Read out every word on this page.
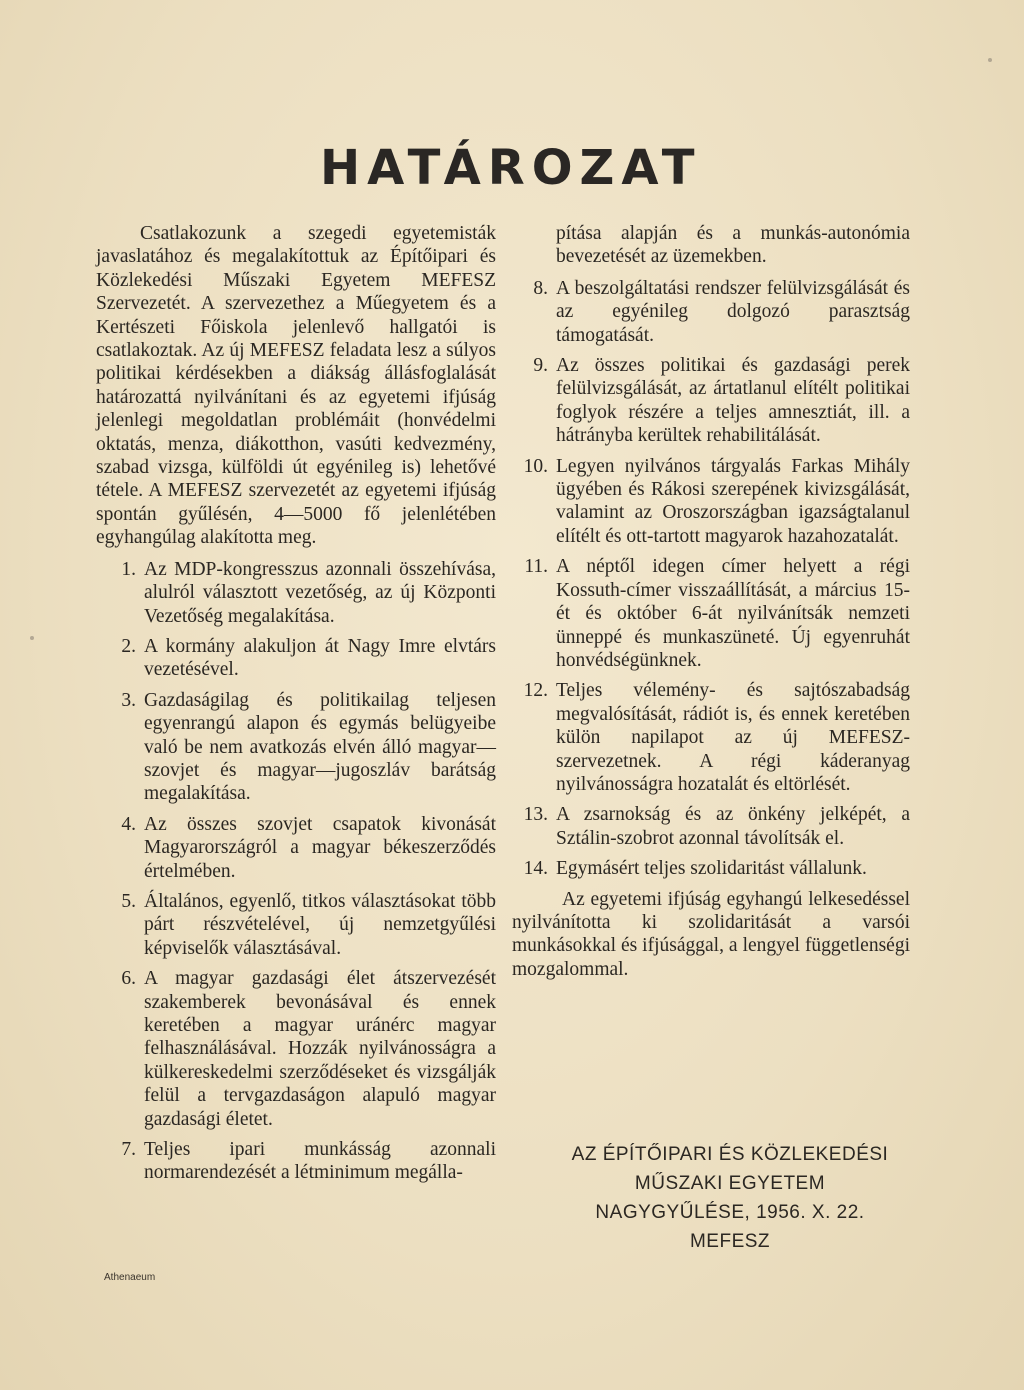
HATÁROZAT

Csatlakozunk a szegedi egyetemisták javaslatához és megalakítottuk az Építőipari és Közlekedési Műszaki Egyetem MEFESZ Szervezetét. A szervezethez a Műegyetem és a Kertészeti Főiskola jelenlevő hallgatói is csatlakoztak. Az új MEFESZ feladata lesz a súlyos politikai kérdésekben a diákság állásfoglalását határozattá nyilvánítani és az egyetemi ifjúság jelenlegi megoldatlan problémáit (honvédelmi oktatás, menza, diákotthon, vasúti kedvezmény, szabad vizsga, külföldi út egyénileg is) lehetővé tétele. A MEFESZ szervezetét az egyetemi ifjúság spontán gyűlésén, 4—5000 fő jelenlétében egyhangúlag alakította meg.

1. Az MDP-kongresszus azonnali összehívása, alulról választott vezetőség, az új Központi Vezetőség megalakítása.
2. A kormány alakuljon át Nagy Imre elvtárs vezetésével.
3. Gazdaságilag és politikailag teljesen egyenrangú alapon és egymás belügyeibe való be nem avatkozás elvén álló magyar—szovjet és magyar—jugoszláv barátság megalakítása.
4. Az összes szovjet csapatok kivonását Magyarországról a magyar békeszerződés értelmében.
5. Általános, egyenlő, titkos választásokat több párt részvételével, új nemzetgyűlési képviselők választásával.
6. A magyar gazdasági élet átszervezését szakemberek bevonásával és ennek keretében a magyar uránérc magyar felhasználásával. Hozzák nyilvánosságra a külkereskedelmi szerződéseket és vizsgálják felül a tervgazdaságon alapuló magyar gazdasági életet.
7. Teljes ipari munkásság azonnali normarendezését a létminimum megálla-

pítása alapján és a munkás-autonómia bevezetését az üzemekben.

8. A beszolgáltatási rendszer felülvizsgálását és az egyénileg dolgozó parasztság támogatását.
9. Az összes politikai és gazdasági perek felülvizsgálását, az ártatlanul elítélt politikai foglyok részére a teljes amnesztiát, ill. a hátrányba kerültek rehabilitálását.
10. Legyen nyilvános tárgyalás Farkas Mihály ügyében és Rákosi szerepének kivizsgálását, valamint az Oroszországban igazságtalanul elítélt és ott-tartott magyarok hazahozatalát.
11. A néptől idegen címer helyett a régi Kossuth-címer visszaállítását, a március 15-ét és október 6-át nyilvánítsák nemzeti ünneppé és munkaszüneté. Új egyenruhát honvédségünknek.
12. Teljes vélemény- és sajtószabadság megvalósítását, rádiót is, és ennek keretében külön napilapot az új MEFESZ-szervezetnek. A régi káderanyag nyilvánosságra hozatalát és eltörlését.
13. A zsarnokság és az önkény jelképét, a Sztálin-szobrot azonnal távolítsák el.
14. Egymásért teljes szolidaritást vállalunk.

Az egyetemi ifjúság egyhangú lelkesedéssel nyilvánította ki szolidaritását a varsói munkásokkal és ifjúsággal, a lengyel függetlenségi mozgalommal.

AZ ÉPÍTŐIPARI ÉS KÖZLEKEDÉSI
MŰSZAKI EGYETEM
NAGYGYŰLÉSE, 1956. X. 22.
MEFESZ
Athenaeum
